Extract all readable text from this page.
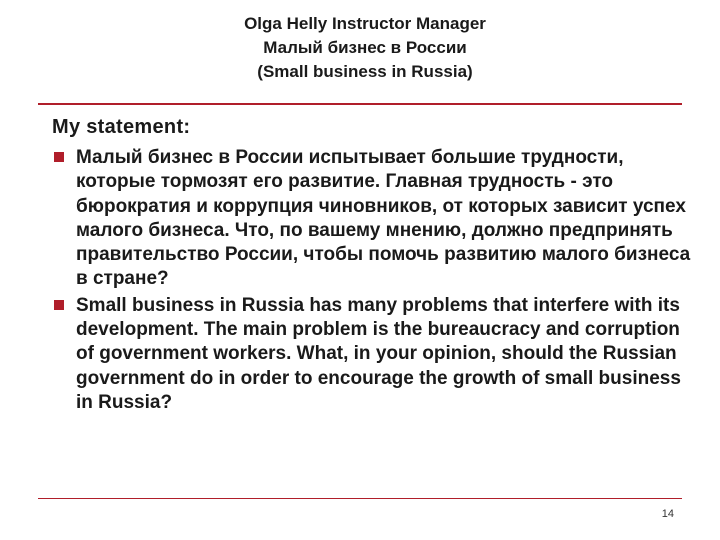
Olga Helly Instructor Manager
Малый бизнес в России
(Small business in Russia)
My statement:
Малый бизнес в России испытывает большие трудности, которые тормозят его развитие. Главная трудность - это бюрократия и коррупция чиновников, от которых зависит успех малого бизнеса. Что, по вашему мнению, должно предпринять правительство России, чтобы помочь развитию малого бизнеса в стране?
Small business in Russia has many problems that interfere with its development. The main problem is the bureaucracy and corruption of government workers. What, in your opinion, should the Russian government do in order to encourage the growth of small business in Russia?
14
